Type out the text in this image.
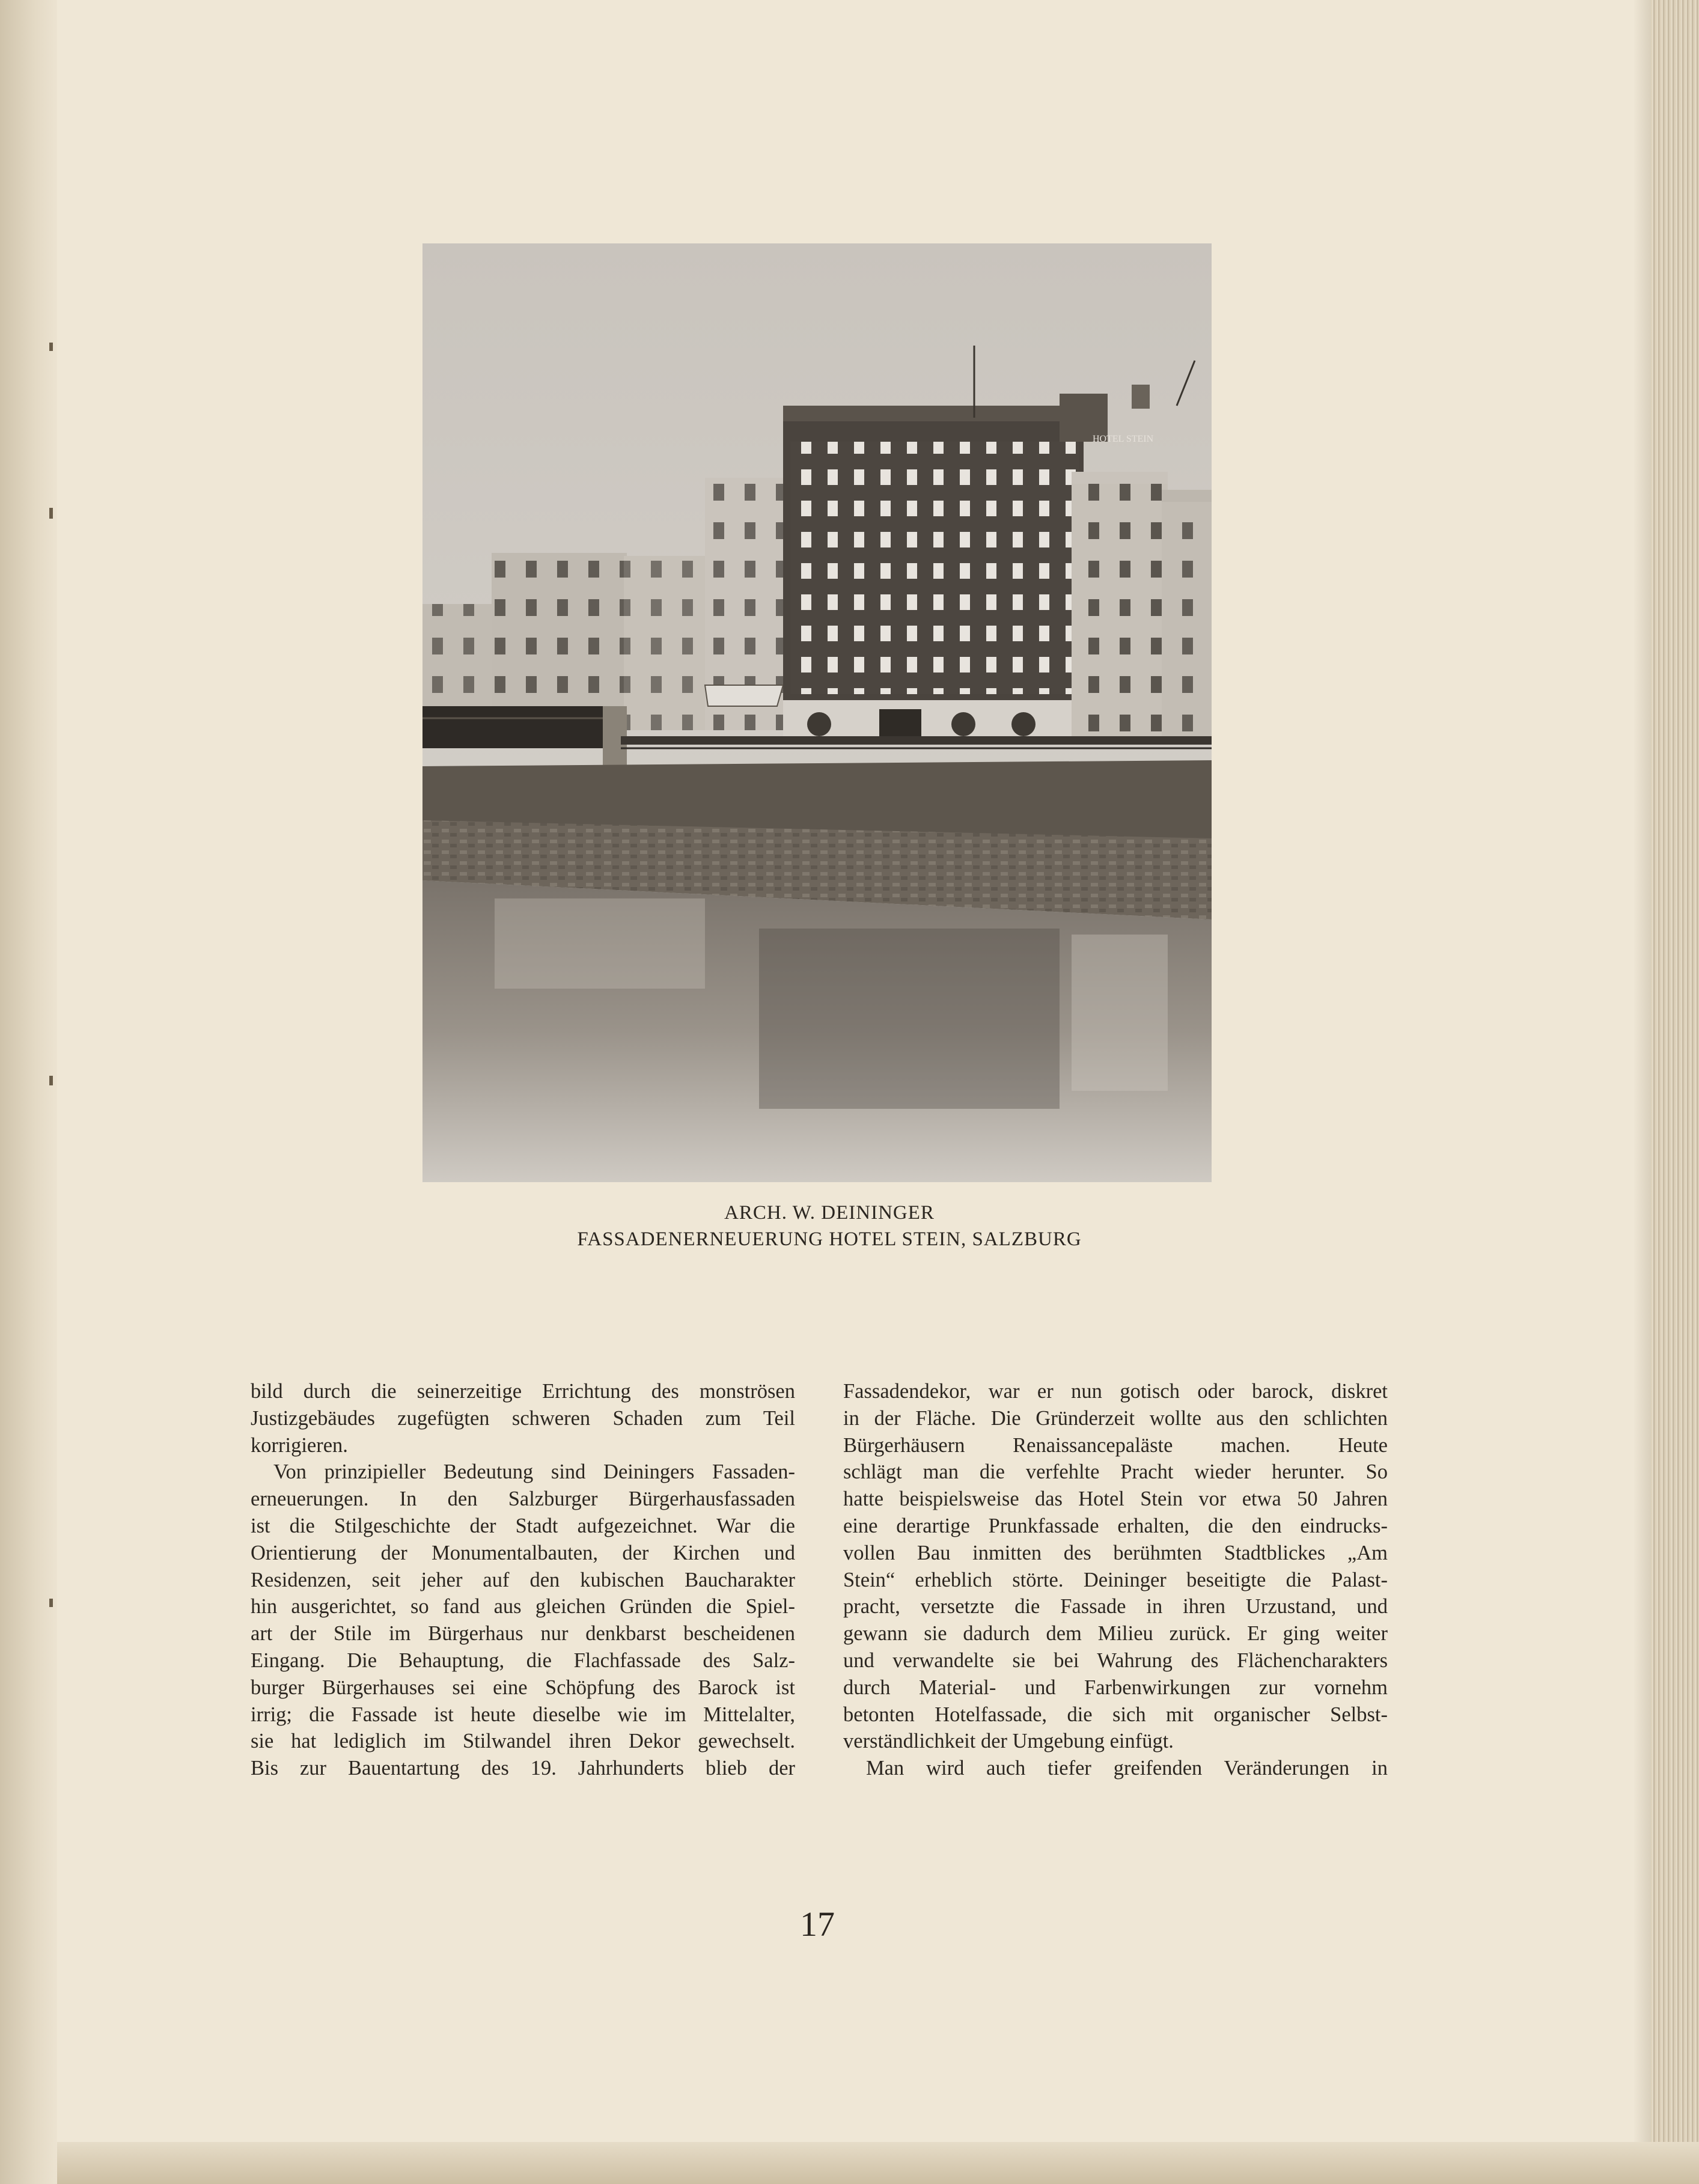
HOTEL STEIN
ARCH. W. DEININGER
FASSADENERNEUERUNG HOTEL STEIN, SALZBURG
bild durch die seinerzeitige Errichtung des monströsen
Justizgebäudes zugefügten schweren Schaden zum Teil
korrigieren.
Von prinzipieller Bedeutung sind Deiningers Fassaden-
erneuerungen. In den Salzburger Bürgerhausfassaden
ist die Stilgeschichte der Stadt aufgezeichnet. War die
Orientierung der Monumentalbauten, der Kirchen und
Residenzen, seit jeher auf den kubischen Baucharakter
hin ausgerichtet, so fand aus gleichen Gründen die Spiel-
art der Stile im Bürgerhaus nur denkbarst bescheidenen
Eingang. Die Behauptung, die Flachfassade des Salz-
burger Bürgerhauses sei eine Schöpfung des Barock ist
irrig; die Fassade ist heute dieselbe wie im Mittelalter,
sie hat lediglich im Stilwandel ihren Dekor gewechselt.
Bis zur Bauentartung des 19. Jahrhunderts blieb der
Fassadendekor, war er nun gotisch oder barock, diskret
in der Fläche. Die Gründerzeit wollte aus den schlichten
Bürgerhäusern Renaissancepaläste machen. Heute
schlägt man die verfehlte Pracht wieder herunter. So
hatte beispielsweise das Hotel Stein vor etwa 50 Jahren
eine derartige Prunkfassade erhalten, die den eindrucks-
vollen Bau inmitten des berühmten Stadtblickes „Am
Stein“ erheblich störte. Deininger beseitigte die Palast-
pracht, versetzte die Fassade in ihren Urzustand, und
gewann sie dadurch dem Milieu zurück. Er ging weiter
und verwandelte sie bei Wahrung des Flächencharakters
durch Material- und Farbenwirkungen zur vornehm
betonten Hotelfassade, die sich mit organischer Selbst-
verständlichkeit der Umgebung einfügt.
Man wird auch tiefer greifenden Veränderungen in
17
